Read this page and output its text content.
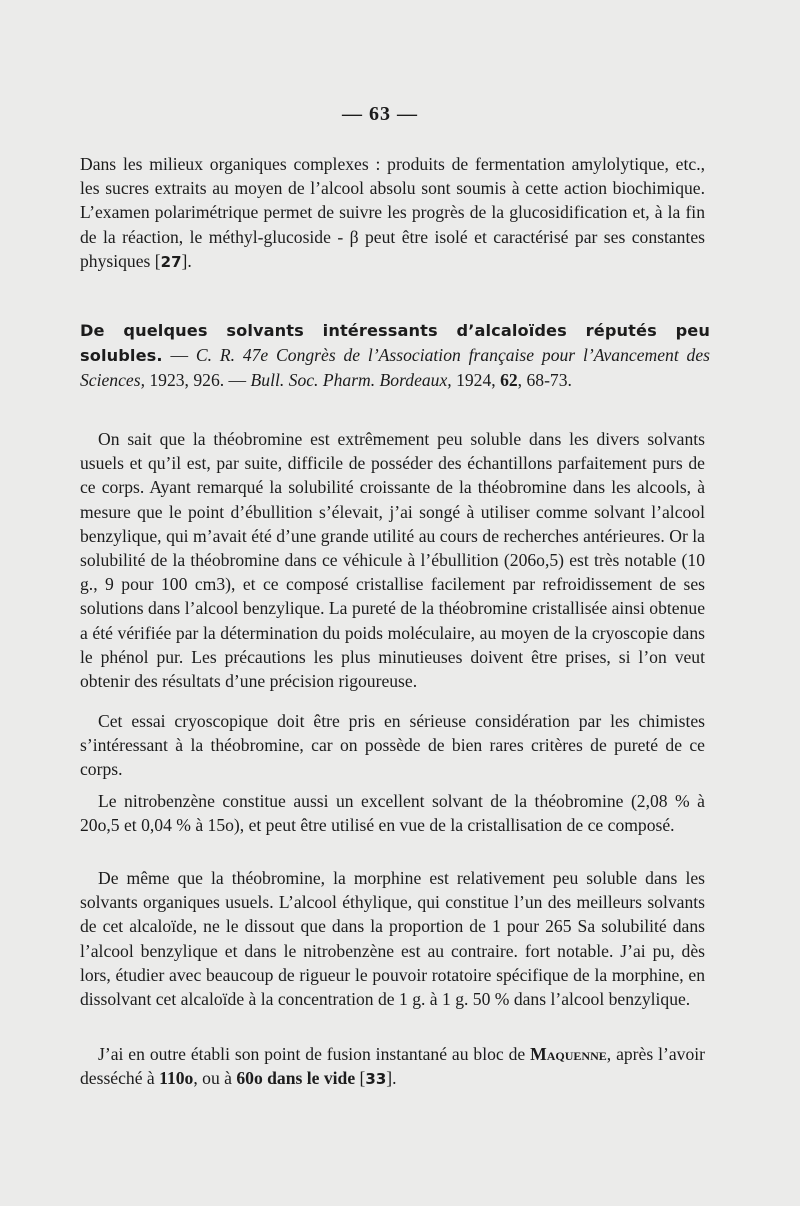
— 63 —

Dans les milieux organiques complexes : produits de fermentation amylolytique, etc., les sucres extraits au moyen de l’alcool absolu sont soumis à cette action biochimique. L’examen polarimétrique permet de suivre les progrès de la glucosidification et, à la fin de la réaction, le méthyl-glucoside - β peut être isolé et caractérisé par ses constantes physiques [27].

De quelques solvants intéressants d’alcaloïdes réputés peu solubles. — C. R. 47e Congrès de l’Association française pour l’Avancement des Sciences, 1923, 926. — Bull. Soc. Pharm. Bordeaux, 1924, 62, 68-73.

On sait que la théobromine est extrêmement peu soluble dans les divers solvants usuels et qu’il est, par suite, difficile de posséder des échantillons parfaitement purs de ce corps. Ayant remarqué la solubilité croissante de la théobromine dans les alcools, à mesure que le point d’ébullition s’élevait, j’ai songé à utiliser comme solvant l’alcool benzylique, qui m’avait été d’une grande utilité au cours de recherches antérieures. Or la solubilité de la théobromine dans ce véhicule à l’ébullition (206o,5) est très notable (10 g., 9 pour 100 cm3), et ce composé cristallise facilement par refroidissement de ses solutions dans l’alcool benzylique. La pureté de la théobromine cristallisée ainsi obtenue a été vérifiée par la détermination du poids moléculaire, au moyen de la cryoscopie dans le phénol pur. Les précautions les plus minutieuses doivent être prises, si l’on veut obtenir des résultats d’une précision rigoureuse.

Cet essai cryoscopique doit être pris en sérieuse considération par les chimistes s’intéressant à la théobromine, car on possède de bien rares critères de pureté de ce corps.

Le nitrobenzène constitue aussi un excellent solvant de la théobromine (2,08 % à 20o,5 et 0,04 % à 15o), et peut être utilisé en vue de la cristallisation de ce composé.

De même que la théobromine, la morphine est relativement peu soluble dans les solvants organiques usuels. L’alcool éthylique, qui constitue l’un des meilleurs solvants de cet alcaloïde, ne le dissout que dans la proportion de 1 pour 265 Sa solubilité dans l’alcool benzylique et dans le nitrobenzène est au contraire. fort notable. J’ai pu, dès lors, étudier avec beaucoup de rigueur le pouvoir rotatoire spécifique de la morphine, en dissolvant cet alcaloïde à la concentration de 1 g. à 1 g. 50 % dans l’alcool benzylique.

J’ai en outre établi son point de fusion instantané au bloc de Maquenne, après l’avoir desséché à 110o, ou à 60o dans le vide [33].
